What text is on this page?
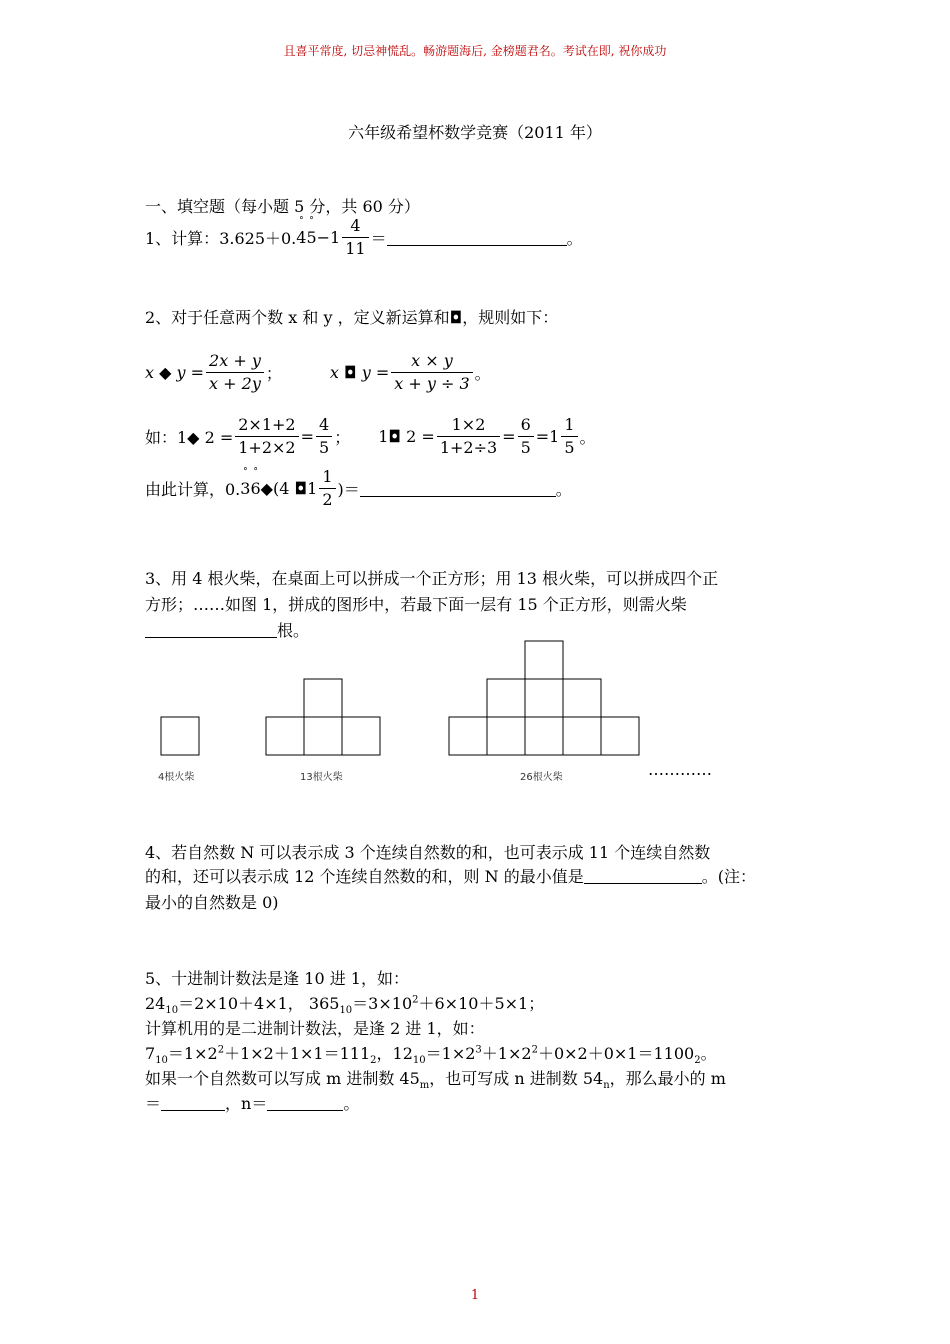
且喜平常度, 切忌神慌乱。畅游题海后, 金榜题君名。考试在即, 祝你成功
六年级希望杯数学竞赛（2011 年）
一、填空题（每小题 5 分，共 60 分）
1、计算： 3.625＋0. ° 4 ° $5 -1 \frac{4}{11}$ ＝	。
2、对于任意两个数 x 和 y ，定义新运算和◘，规则如下：
x ◆ $y = \frac{2x + y}{x + 2y}$ ；	x ◘ $y = \frac{x \times y}{x + y \div 3}$ 。
如：1◆ $2 = \frac{2\times 1+2}{1+2\times 2} = \frac{4}{5}$ ； 1◘ $2 = \frac{1\times 2}{1+2\div 3} = \frac{6}{5} =1 \frac{1}{5}$ 。
由此计算，0. ° 3 ° 6 ◆(4 ◘1 $\frac{1}{2}$ )＝	。
3、用 4 根火柴，在桌面上可以拼成一个正方形；用 13 根火柴，可以拼成四个正
方形；……如图 1，拼成的图形中，若最下面一层有 15 个正方形，则需火柴
根。
4根火柴	13根火柴	26根火柴	…………
4、若自然数 N 可以表示成 3 个连续自然数的和，也可表示成 11 个连续自然数
的和，还可以表示成 12 个连续自然数的和，则 N 的最小值是	。(注：
最小的自然数是 0)
5、十进制计数法是逢 10 进 1，如：
$24_{10}=2\times 10+4\times 1$， $365_{10}=3\times 10^2+6\times 10+5\times 1$；
计算机用的是二进制计数法，是逢 2 进 1，如：
$7_{10}=1\times 2^2+1\times 2+1\times 1=111_2$，$12_{10}=1\times 2^3+1\times 2^2+0\times 2+0\times 1=1100_2$。
如果一个自然数可以写成 m 进制数 $45_m$，也可写成 n 进制数 $54_n$，那么最小的 m
＝	，n＝	。
1
